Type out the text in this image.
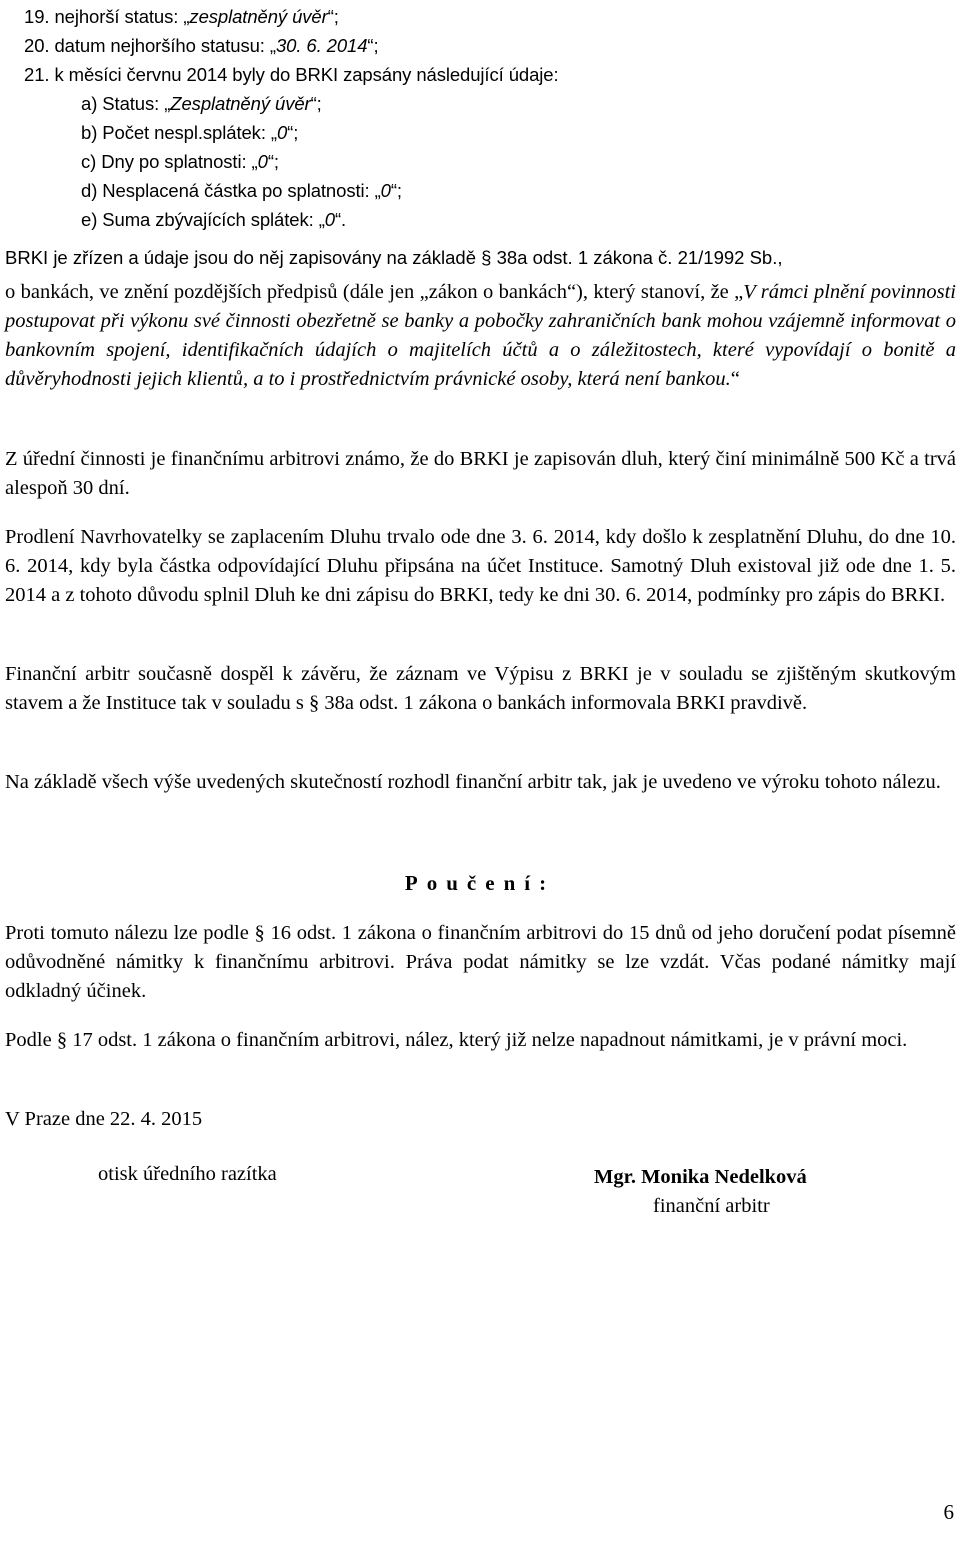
19. nejhorší status: „zesplatněný úvěr“;
20. datum nejhoršího statusu: „30. 6. 2014“;
21. k měsíci červnu 2014 byly do BRKI zapsány následující údaje:
a) Status: „Zesplatněný úvěr“;
b) Počet nespl.splátek: „0“;
c) Dny po splatnosti: „0“;
d) Nesplacená částka po splatnosti: „0“;
e) Suma zbývajících splátek: „0“.
BRKI je zřízen a údaje jsou do něj zapisovány na základě § 38a odst. 1 zákona č. 21/1992 Sb.,

o bankách, ve znění pozdějších předpisů (dále jen „zákon o bankách“), který stanoví, že „V rámci plnění povinnosti postupovat při výkonu své činnosti obezřetně se banky a pobočky zahraničních bank mohou vzájemně informovat o bankovním spojení, identifikačních údajích o majitelích účtů a o záležitostech, které vypovídají o bonitě a důvěryhodnosti jejich klientů, a to i prostřednictvím právnické osoby, která není bankou.“

Z úřední činnosti je finančnímu arbitrovi známo, že do BRKI je zapisován dluh, který činí minimálně 500 Kč a trvá alespoň 30 dní.

Prodlení Navrhovatelky se zaplacením Dluhu trvalo ode dne 3. 6. 2014, kdy došlo k zesplatnění Dluhu, do dne 10. 6. 2014, kdy byla částka odpovídající Dluhu připsána na účet Instituce. Samotný Dluh existoval již ode dne 1. 5. 2014 a z tohoto důvodu splnil Dluh ke dni zápisu do BRKI, tedy ke dni 30. 6. 2014, podmínky pro zápis do BRKI.

Finanční arbitr současně dospěl k závěru, že záznam ve Výpisu z BRKI je v souladu se zjištěným skutkovým stavem a že Instituce tak v souladu s § 38a odst. 1 zákona o bankách informovala BRKI pravdivě.

Na základě všech výše uvedených skutečností rozhodl finanční arbitr tak, jak je uvedeno ve výroku tohoto nálezu.

Poučení:

Proti tomuto nálezu lze podle § 16 odst. 1 zákona o finančním arbitrovi do 15 dnů od jeho doručení podat písemně odůvodněné námitky k finančnímu arbitrovi. Práva podat námitky se lze vzdát. Včas podané námitky mají odkladný účinek.

Podle § 17 odst. 1 zákona o finančním arbitrovi, nález, který již nelze napadnout námitkami, je v právní moci.

V Praze dne 22. 4. 2015
otisk úředního razítka	Mgr. Monika Nedelková
finanční arbitr
6
